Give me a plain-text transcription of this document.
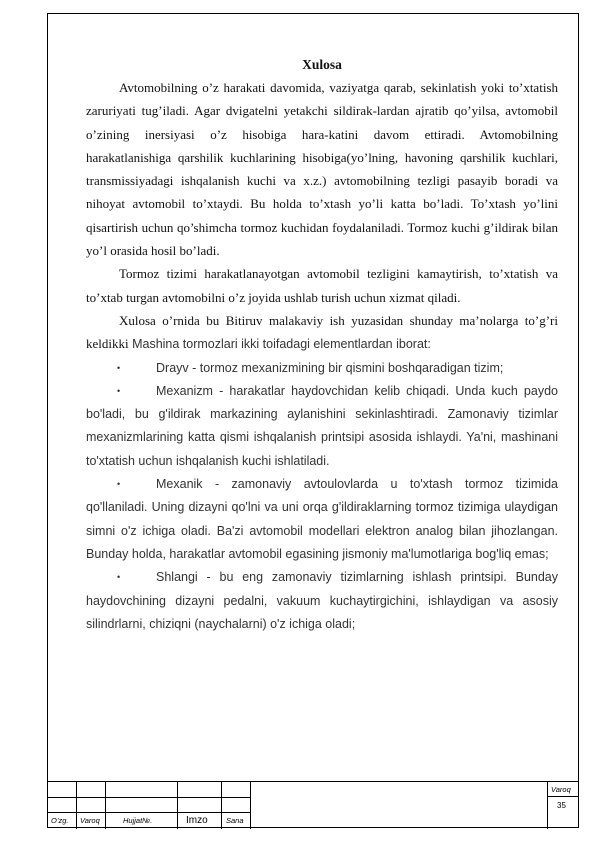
Xulosa

Avtomobilning o’z harakati davomida, vaziyatga qarab, sekinlatish yoki to’xtatish zaruriyati tug’iladi. Agar dvigatelni yetakchi sildirak-lardan ajratib qo’yilsa, avtomobil o’zining inersiyasi o’z hisobiga hara-katini davom ettiradi. Avtomobilning harakatlanishiga qarshilik kuchlarining hisobiga(yo’lning, havoning qarshilik kuchlari, transmissiyadagi ishqalanish kuchi va x.z.) avtomobilning tezligi pasayib boradi va nihoyat avtomobil to’xtaydi. Bu holda to’xtash yo’li katta bo’ladi. To’xtash yo’lini qisartirish uchun qo’shimcha tormoz kuchidan foydalaniladi. Tormoz kuchi g’ildirak bilan yo’l orasida hosil bo’ladi.

Tormoz tizimi harakatlanayotgan avtomobil tezligini kamaytirish, to’xtatish va to’xtab turgan avtomobilni o’z joyida ushlab turish uchun xizmat qiladi.

Xulosa o’rnida bu Bitiruv malakaviy ish yuzasidan shunday ma’nolarga to’g’ri keldikki Mashina tormozlari ikki toifadagi elementlardan iborat:

•	Drayv - tormoz mexanizmining bir qismini boshqaradigan tizim;
•	Mexanizm - harakatlar haydovchidan kelib chiqadi. Unda kuch paydo bo'ladi, bu g'ildirak markazining aylanishini sekinlashtiradi. Zamonaviy tizimlar mexanizmlarining katta qismi ishqalanish printsipi asosida ishlaydi. Ya'ni, mashinani to'xtatish uchun ishqalanish kuchi ishlatiladi.
•	Mexanik - zamonaviy avtoulovlarda u to'xtash tormoz tizimida qo'llaniladi. Uning dizayni qo'lni va uni orqa g'ildiraklarning tormoz tizimiga ulaydigan simni o'z ichiga oladi. Ba'zi avtomobil modellari elektron analog bilan jihozlangan. Bunday holda, harakatlar avtomobil egasining jismoniy ma'lumotlariga bog'liq emas;
•	Shlangi - bu eng zamonaviy tizimlarning ishlash printsipi. Bunday haydovchining dizayni pedalni, vakuum kuchaytirgichini, ishlaydigan va asosiy silindrlarni, chiziqni (naychalarni) o'z ichiga oladi;
O’zg. Varoq	Hujjat№.	Imzo Sana
Varoq
35
